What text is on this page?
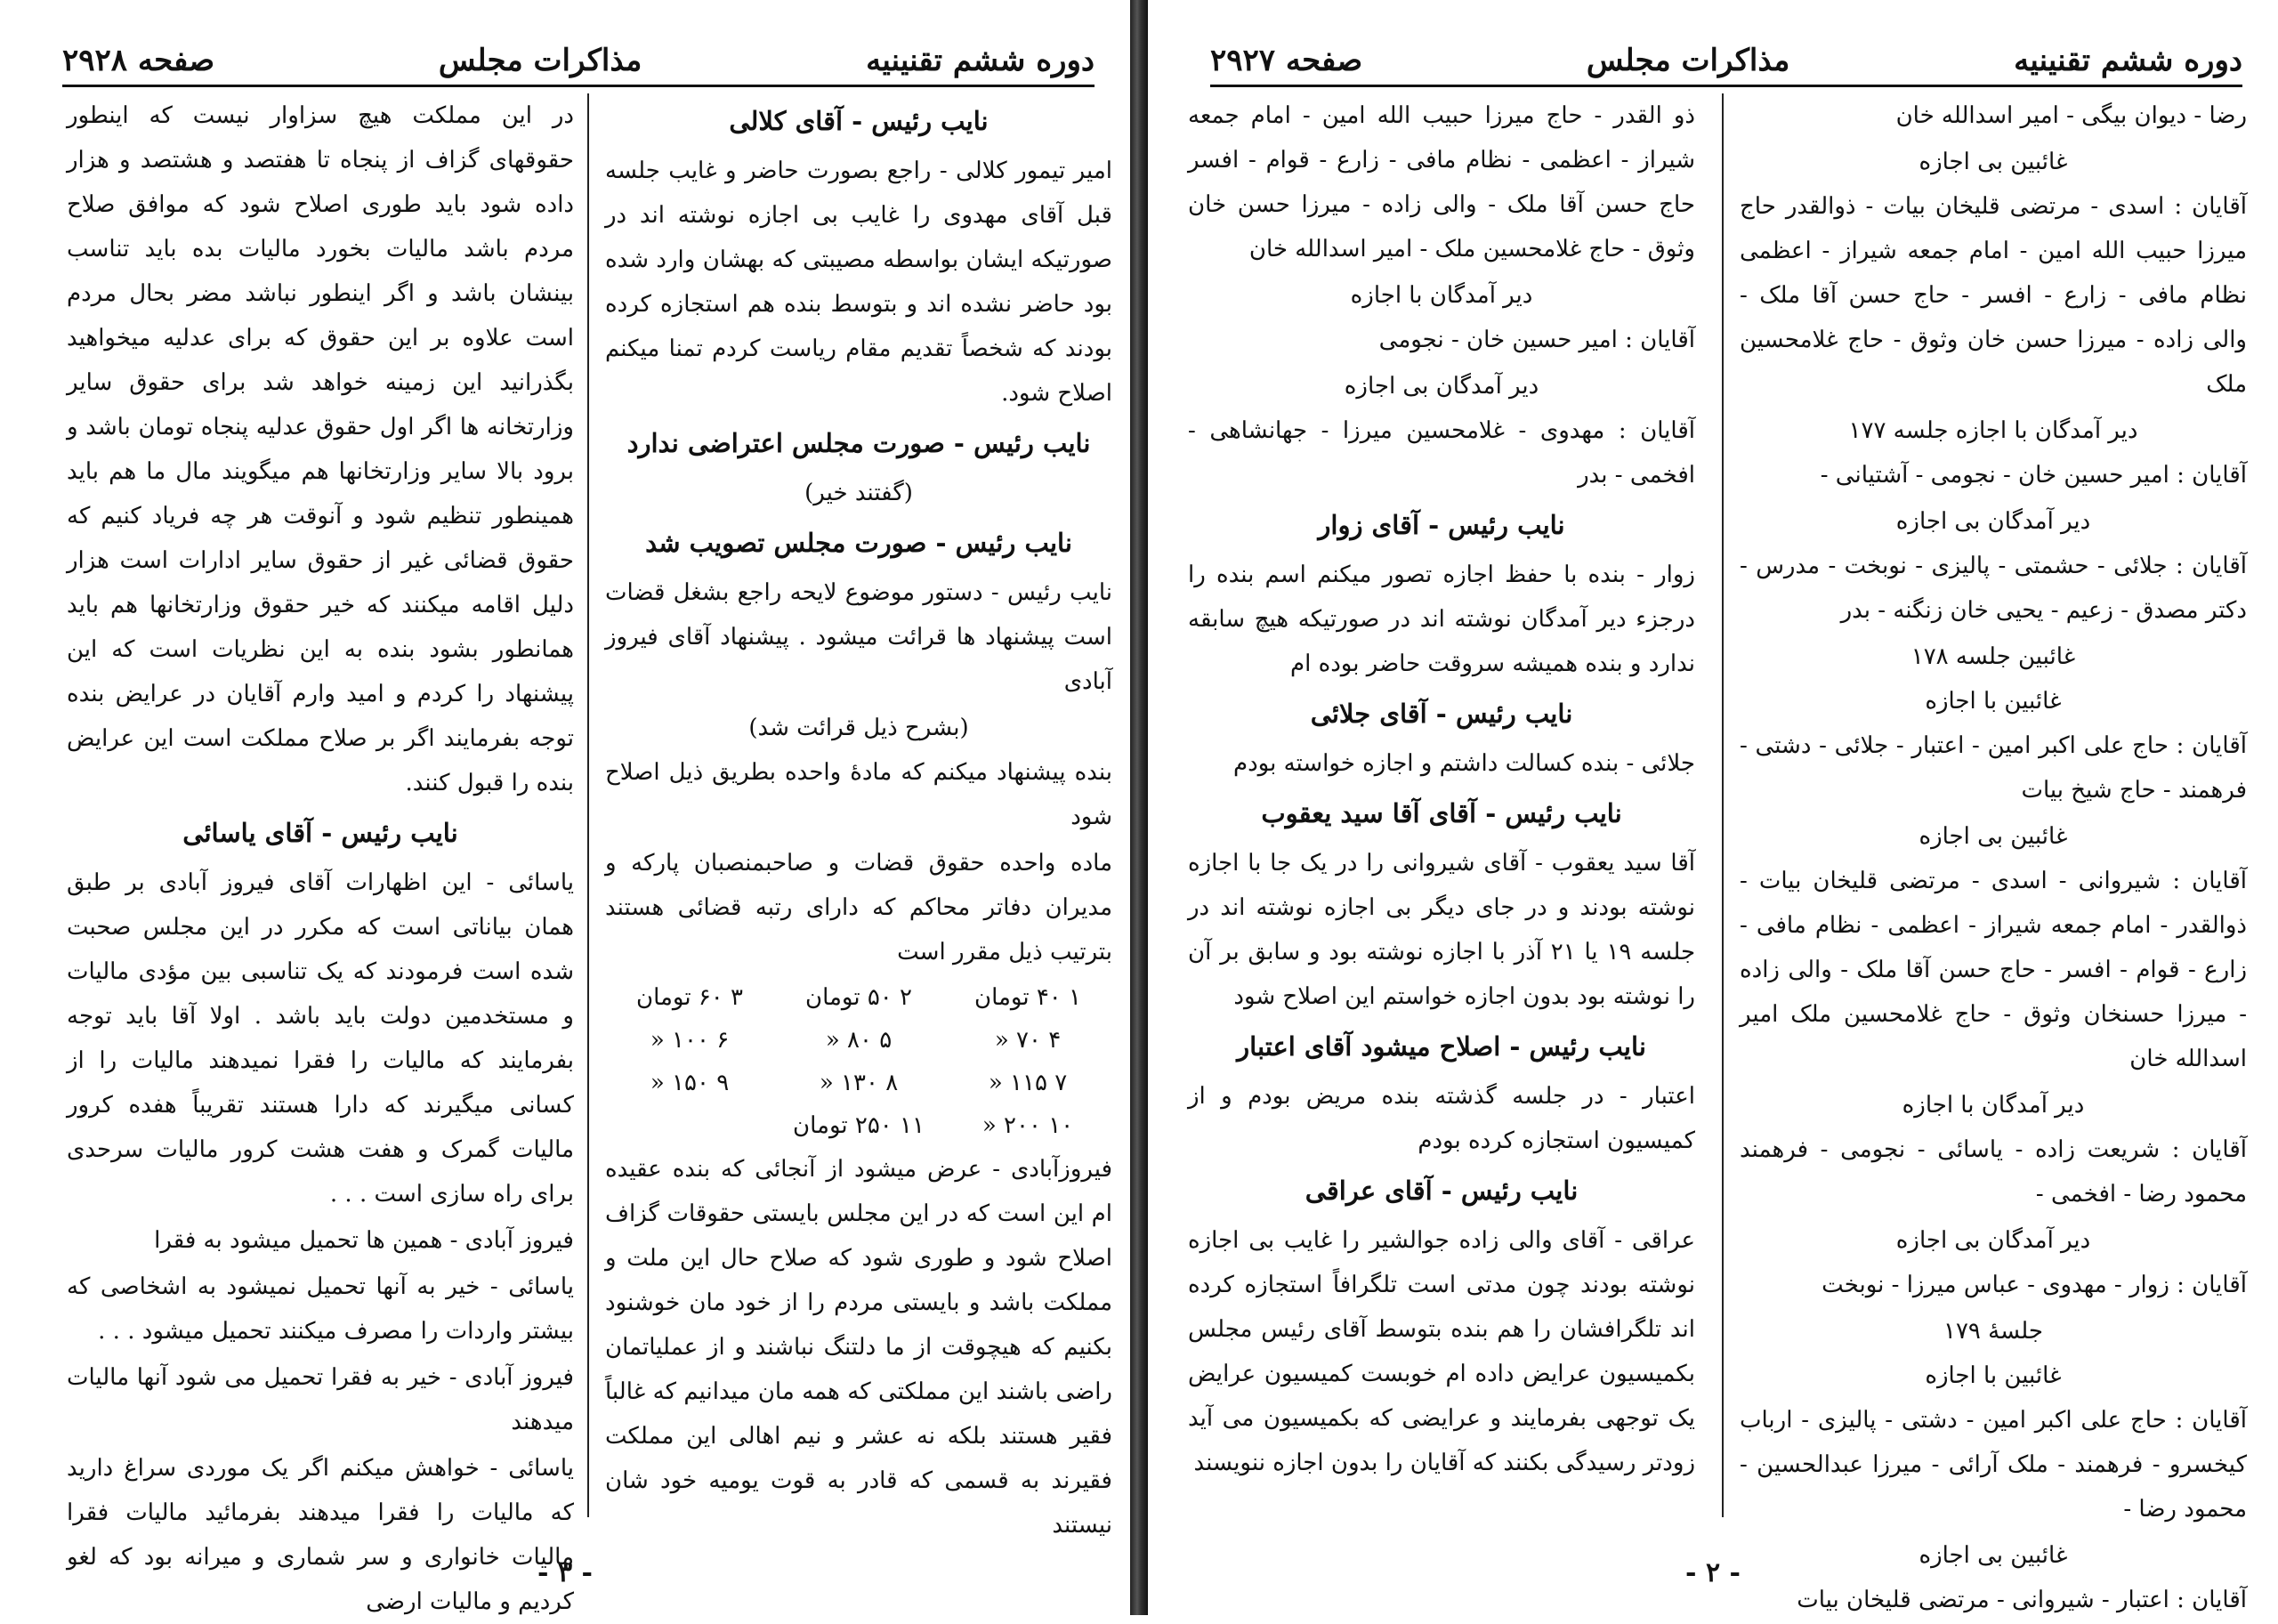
دوره ششم تقنینیه
مذاکرات مجلس
صفحه ۲۹۲۸
نایب رئیس - آقای کلالی

امیر تیمور کلالی - راجع بصورت حاضر و غایب جلسه قبل آقای مهدوی را غایب بی اجازه نوشته اند در صورتیکه ایشان بواسطه مصیبتی که بهشان وارد شده بود حاضر نشده اند و بتوسط بنده هم استجازه کرده بودند که شخصاً تقدیم مقام ریاست کردم تمنا میکنم اصلاح شود.

نایب رئیس - صورت مجلس اعتراضی ندارد
(گفتند خیر)
نایب رئیس - صورت مجلس تصویب شد

نایب رئیس - دستور موضوع لایحه راجع بشغل قضات است پیشنهاد ها قرائت میشود . پیشنهاد آقای فیروز آبادی

(بشرح ذیل قرائت شد)

بنده پیشنهاد میکنم که مادهٔ واحده بطریق ذیل اصلاح شود

ماده واحده حقوق قضات و صاحبمنصبان پارکه و مدیران دفاتر محاکم که دارای رتبه قضائی هستند بترتیب ذیل مقرر است

۱ ۴۰ تومان
۲ ۵۰ تومان
۳ ۶۰ تومان
۴ ۷۰ «
۵ ۸۰ «
۶ ۱۰۰ «
۷ ۱۱۵ «
۸ ۱۳۰ «
۹ ۱۵۰ «
۱۰ ۲۰۰ «
۱۱ ۲۵۰ تومان

فیروزآبادی - عرض میشود از آنجائی که بنده عقیده ام این است که در این مجلس بایستی حقوقات گزاف اصلاح شود و طوری شود که صلاح حال این ملت و مملکت باشد و بایستی مردم را از خود مان خوشنود بکنیم که هیچوقت از ما دلتنگ نباشند و از عملیاتمان راضی باشند این مملکتی که همه مان میدانیم که غالباً فقیر هستند بلکه نه عشر و نیم اهالی این مملکت فقیرند به قسمی که قادر به قوت یومیه خود شان نیستند

در این مملکت هیچ سزاوار نیست که اینطور حقوقهای گزاف از پنجاه تا هفتصد و هشتصد و هزار داده شود باید طوری اصلاح شود که موافق صلاح مردم باشد مالیات بخورد مالیات بده باید تناسب بینشان باشد و اگر اینطور نباشد مضر بحال مردم است علاوه بر این حقوق که برای عدلیه میخواهید بگذرانید این زمینه خواهد شد برای حقوق سایر وزارتخانه ها اگر اول حقوق عدلیه پنجاه تومان باشد و برود بالا سایر وزارتخانها هم میگویند مال ما هم باید همینطور تنظیم شود و آنوقت هر چه فریاد کنیم که حقوق قضائی غیر از حقوق سایر ادارات است هزار دلیل اقامه میکنند که خیر حقوق وزارتخانها هم باید همانطور بشود بنده به این نظریات است که این پیشنهاد را کردم و امید وارم آقایان در عرایض بنده توجه بفرمایند اگر بر صلاح مملکت است این عرایض بنده را قبول کنند.

نایب رئیس - آقای یاسائی

یاسائی - این اظهارات آقای فیروز آبادی بر طبق همان بیاناتی است که مکرر در این مجلس صحبت شده است فرمودند که یک تناسبی بین مؤدی مالیات و مستخدمین دولت باید باشد . اولا آقا باید توجه بفرمایند که مالیات را فقرا نمیدهند مالیات را از کسانی میگیرند که دارا هستند تقریباً هفده کرور مالیات گمرک و هفت هشت کرور مالیات سرحدی برای راه سازی است . . .

فیروز آبادی - همین ها تحمیل میشود به فقرا

یاسائی - خیر به آنها تحمیل نمیشود به اشخاصی که بیشتر واردات را مصرف میکنند تحمیل میشود . . .

فیروز آبادی - خیر به فقرا تحمیل می شود آنها مالیات میدهند

یاسائی - خواهش میکنم اگر یک موردی سراغ دارید که مالیات را فقرا میدهند بفرمائید مالیات فقرا مالیات خانواری و سر شماری و میرانه بود که لغو کردیم و مالیات ارضی

- ۳ -
دوره ششم تقنینیه
مذاکرات مجلس
صفحه ۲۹۲۷

رضا - دیوان بیگی - امیر اسدالله خان

غائبین بی اجازه

آقایان : اسدی - مرتضی قلیخان بیات - ذوالقدر حاج میرزا حبیب الله امین - امام جمعه شیراز - اعظمی نظام مافی - زارع - افسر - حاج حسن آقا ملک - والی زاده - میرزا حسن خان وثوق - حاج غلامحسین ملک

دیر آمدگان با اجازه جلسه ۱۷۷

آقایان : امیر حسین خان - نجومی - آشتیانی -

دیر آمدگان بی اجازه

آقایان : جلائی - حشمتی - پالیزی - نوبخت - مدرس - دکتر مصدق - زعیم - یحیی خان زنگنه - بدر

غائبین جلسه ۱۷۸
غائبین با اجازه

آقایان : حاج علی اکبر امین - اعتبار - جلائی - دشتی - فرهمند - حاج شیخ بیات

غائبین بی اجازه

آقایان : شیروانی - اسدی - مرتضی قلیخان بیات - ذوالقدر - امام جمعه شیراز - اعظمی - نظام مافی - زارع - قوام - افسر - حاج حسن آقا ملک - والی زاده - میرزا حسنخان وثوق - حاج غلامحسین ملک امیر اسدالله خان

دیر آمدگان با اجازه

آقایان : شریعت زاده - یاسائی - نجومی - فرهمند محمود رضا - افخمی -

دیر آمدگان بی اجازه

آقایان : زوار - مهدوی - عباس میرزا - نوبخت

جلسهٔ ۱۷۹
غائبین با اجازه

آقایان : حاج علی اکبر امین - دشتی - پالیزی - ارباب کیخسرو - فرهمند - ملک آرائی - میرزا عبدالحسین - محمود رضا -

غائبین بی اجازه

آقایان : اعتبار - شیروانی - مرتضی قلیخان بیات

ذو القدر - حاج میرزا حبیب الله امین - امام جمعه شیراز - اعظمی - نظام مافی - زارع - قوام - افسر حاج حسن آقا ملک - والی زاده - میرزا حسن خان وثوق - حاج غلامحسین ملک - امیر اسدالله خان

دیر آمدگان با اجازه

آقایان : امیر حسین خان - نجومی

دیر آمدگان بی اجازه

آقایان : مهدوی - غلامحسین میرزا - جهانشاهی - افخمی - بدر

نایب رئیس - آقای زوار

زوار - بنده با حفظ اجازه تصور میکنم اسم بنده را درجزء دیر آمدگان نوشته اند در صورتیکه هیچ سابقه ندارد و بنده همیشه سروقت حاضر بوده ام

نایب رئیس - آقای جلائی

جلائی - بنده کسالت داشتم و اجازه خواسته بودم

نایب رئیس - آقای آقا سید یعقوب

آقا سید یعقوب - آقای شیروانی را در یک جا با اجازه نوشته بودند و در جای دیگر بی اجازه نوشته اند در جلسه ۱۹ یا ۲۱ آذر با اجازه نوشته بود و سابق بر آن را نوشته بود بدون اجازه خواستم این اصلاح شود

نایب رئیس - اصلاح میشود آقای اعتبار

اعتبار - در جلسه گذشته بنده مریض بودم و از کمیسیون استجازه کرده بودم

نایب رئیس - آقای عراقی

عراقی - آقای والی زاده جوالشیر را غایب بی اجازه نوشته بودند چون مدتی است تلگرافاً استجازه کرده اند تلگرافشان را هم بنده بتوسط آقای رئیس مجلس بکمیسیون عرایض داده ام خوبست کمیسیون عرایض یک توجهی بفرمایند و عرایضی که بکمیسیون می آید زودتر رسیدگی بکنند که آقایان را بدون اجازه ننویسند

- ۲ -
